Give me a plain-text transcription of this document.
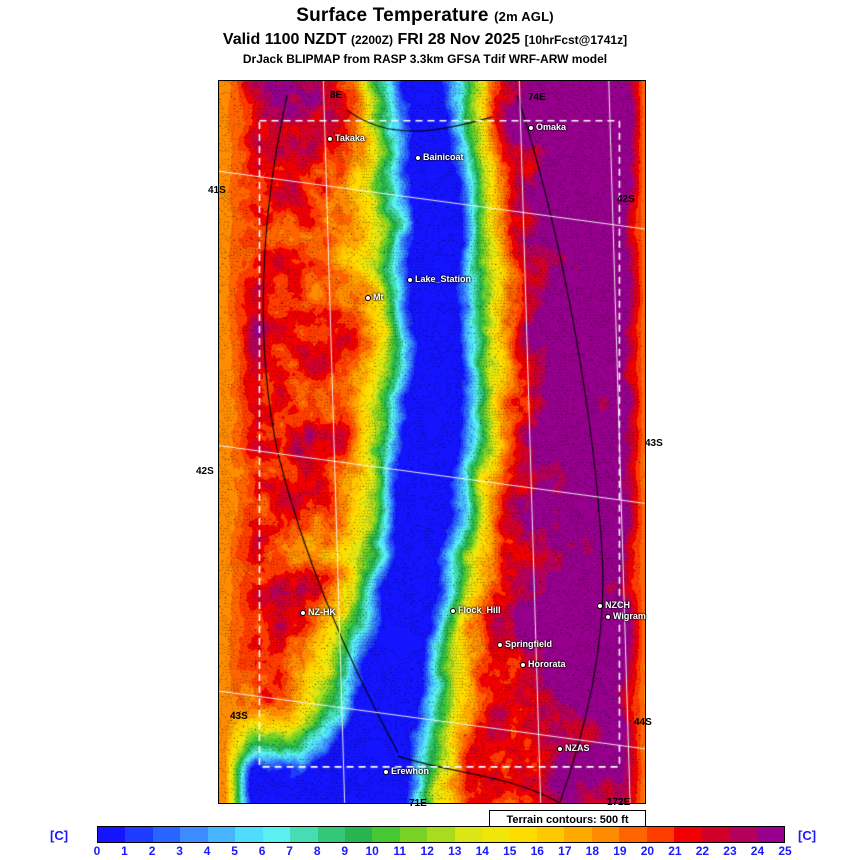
Surface Temperature (2m AGL)
Valid 1100 NZDT (2200Z) FRI 28 Nov 2025 [10hrFcst@1741z]
DrJack BLIPMAP from RASP 3.3km GFSA Tdif WRF-ARW model
41S
42S
43S
42S
43S
44S
8E	74E
71E	172E
Takaka
Bainicoat
Omaka
Lake_Station
Mt
NZ-HK	Flock_Hill	NZCH
Wigram
Springfield
Hororata
NZAS
Erewhon
Terrain contours: 500 ft
[C]	[C]
0 1 2 3 4 5 6 7 8 9 10 11 12 13 14 15 16 17 18 19 20 21 22 23 24 25
